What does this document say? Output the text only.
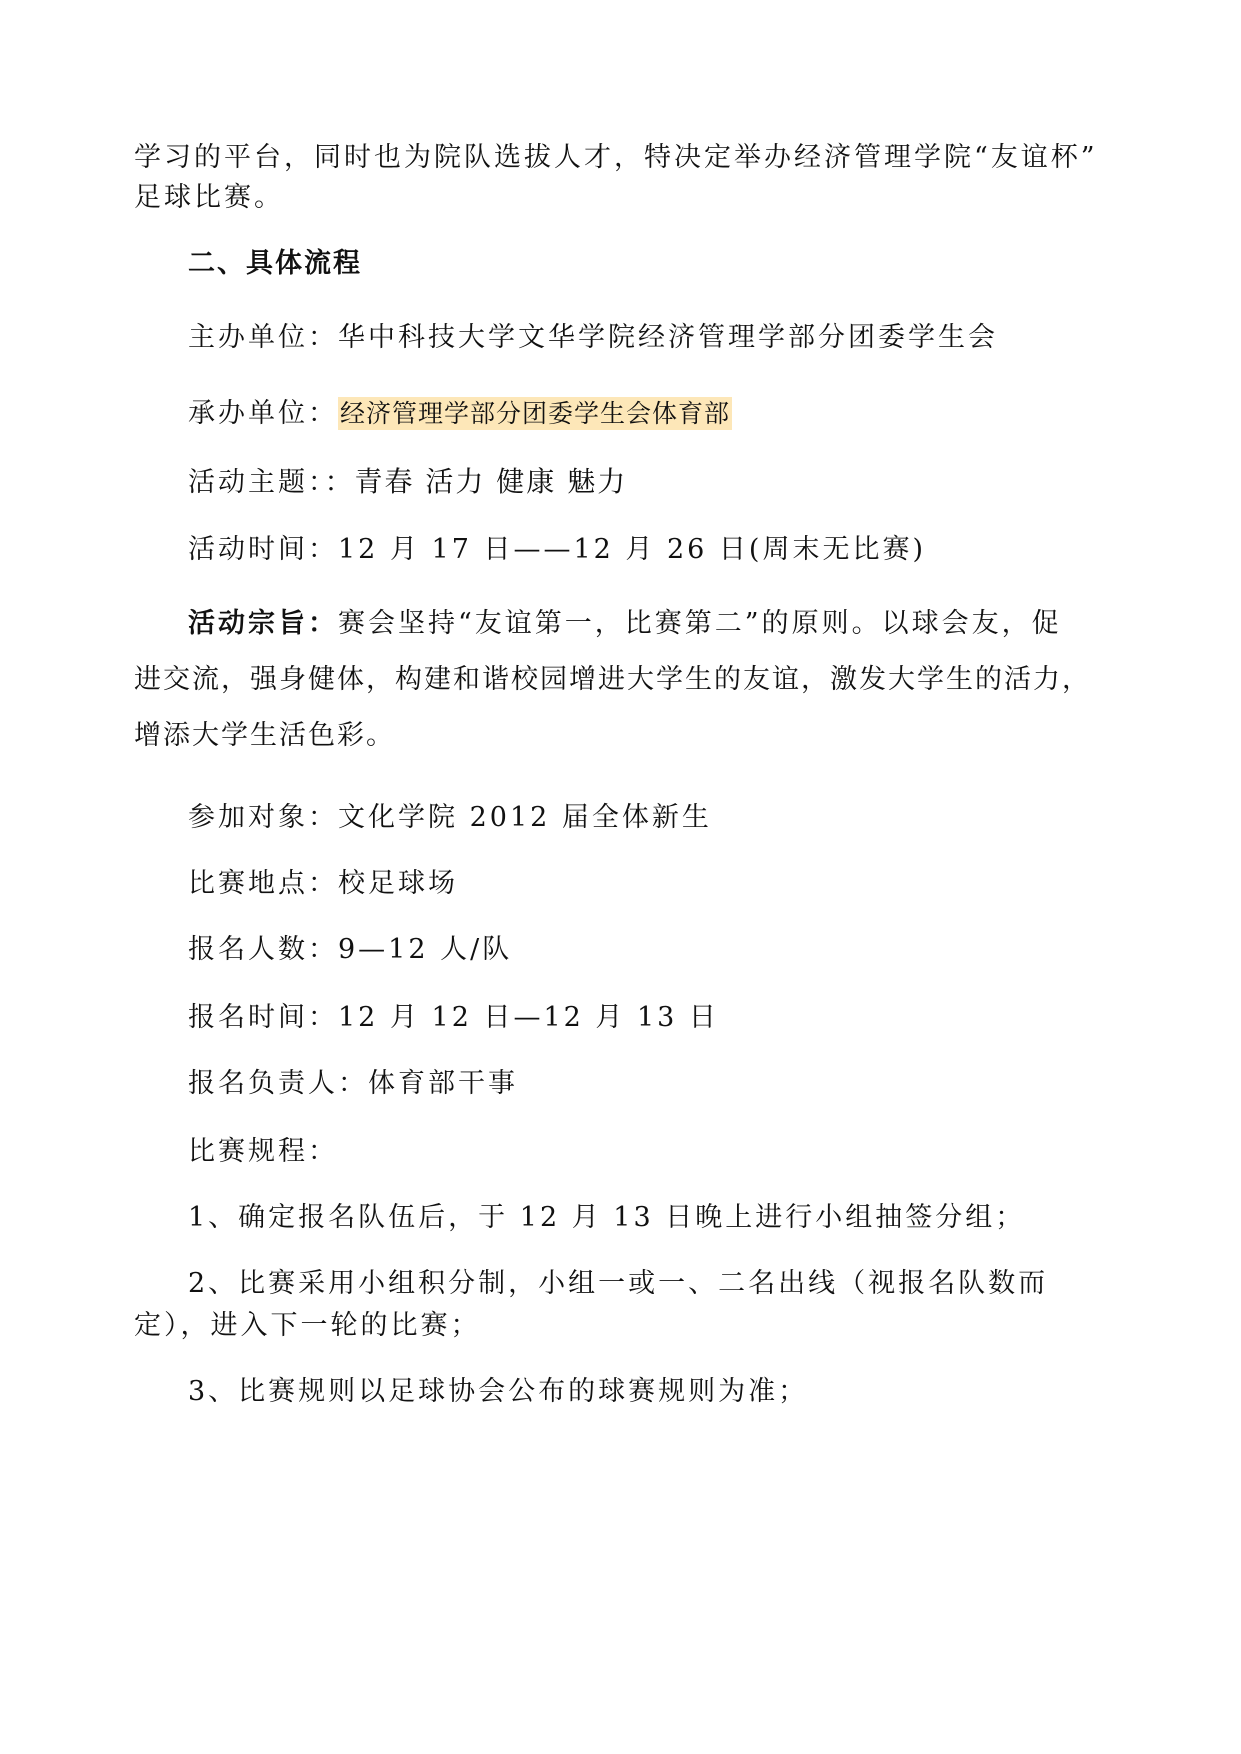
学习的平台，同时也为院队选拔人才，特决定举办经济管理学院“友谊杯”
足球比赛。
二、具体流程
主办单位：华中科技大学文华学院经济管理学部分团委学生会
承办单位：经济管理学部分团委学生会体育部
活动主题：：青春 活力 健康 魅力
活动时间：12 月 17 日——12 月 26 日(周末无比赛)
活动宗旨：赛会坚持“友谊第一，比赛第二”的原则。以球会友，促
进交流，强身健体，构建和谐校园增进大学生的友谊，激发大学生的活力，
增添大学生活色彩。
参加对象：文化学院 2012 届全体新生
比赛地点：校足球场
报名人数：9—12 人/队
报名时间：12 月 12 日—12 月 13 日
报名负责人：体育部干事
比赛规程：
1、确定报名队伍后，于 12 月 13 日晚上进行小组抽签分组；
2、比赛采用小组积分制，小组一或一、二名出线（视报名队数而
定），进入下一轮的比赛；
3、比赛规则以足球协会公布的球赛规则为准；
